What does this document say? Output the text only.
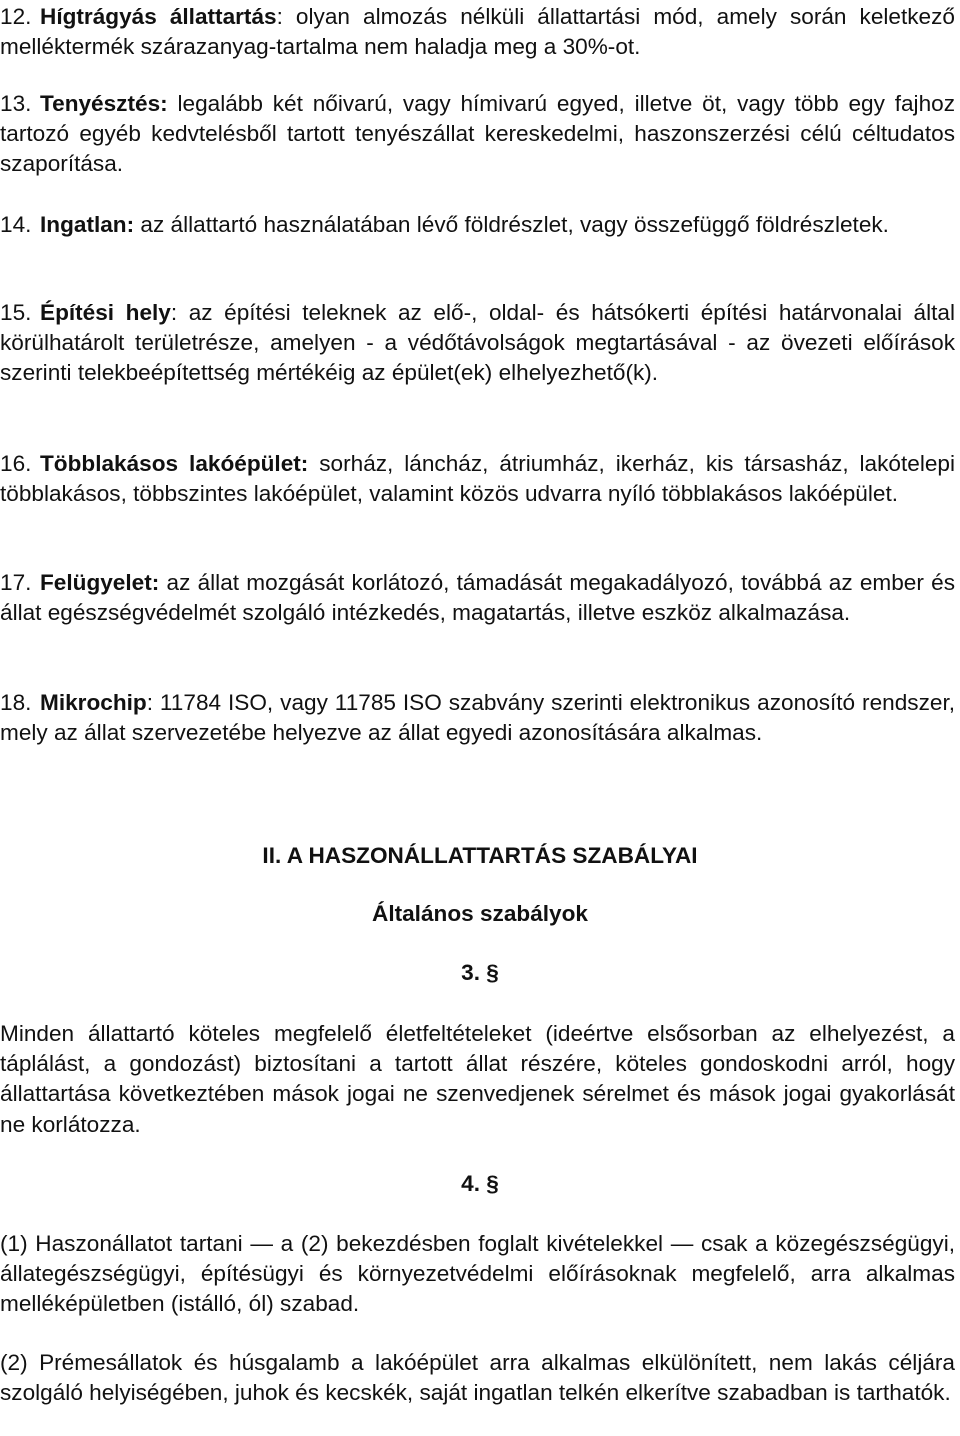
12. Hígtrágyás állattartás: olyan almozás nélküli állattartási mód, amely során keletkező melléktermék szárazanyag-tartalma nem haladja meg a 30%-ot.
13. Tenyésztés: legalább két nőivarú, vagy hímivarú egyed, illetve öt, vagy több egy fajhoz tartozó egyéb kedvtelésből tartott tenyészállat kereskedelmi, haszonszerzési célú céltudatos szaporítása.
14. Ingatlan: az állattartó használatában lévő földrészlet, vagy összefüggő földrészletek.
15. Építési hely: az építési teleknek az elő-, oldal- és hátsókerti építési határvonalai által körülhatárolt területrésze, amelyen - a védőtávolságok megtartásával - az övezeti előírások szerinti telekbeépítettség mértékéig az épület(ek) elhelyezhető(k).
16. Többlakásos lakóépület: sorház, láncház, átriumház, ikerház, kis társasház, lakótelepi többlakásos, többszintes lakóépület, valamint közös udvarra nyíló többlakásos lakóépület.
17. Felügyelet: az állat mozgását korlátozó, támadását megakadályozó, továbbá az ember és állat egészségvédelmét szolgáló intézkedés, magatartás, illetve eszköz alkalmazása.
18. Mikrochip: 11784 ISO, vagy 11785 ISO szabvány szerinti elektronikus azonosító rendszer, mely az állat szervezetébe helyezve az állat egyedi azonosítására alkalmas.
II. A HASZONÁLLATTARTÁS SZABÁLYAI
Általános szabályok
3. §
Minden állattartó köteles megfelelő életfeltételeket (ideértve elsősorban az elhelyezést, a táplálást, a gondozást) biztosítani a tartott állat részére, köteles gondoskodni arról, hogy állattartása következtében mások jogai ne szenvedjenek sérelmet és mások jogai gyakorlását ne korlátozza.
4. §
(1) Haszonállatot tartani — a (2) bekezdésben foglalt kivételekkel — csak a közegészségügyi, állategészségügyi, építésügyi és környezetvédelmi előírásoknak megfelelő, arra alkalmas melléképületben (istálló, ól) szabad.
(2) Prémesállatok és húsgalamb a lakóépület arra alkalmas elkülönített, nem lakás céljára szolgáló helyiségében, juhok és kecskék, saját ingatlan telkén elkerítve szabadban is tarthatók.
